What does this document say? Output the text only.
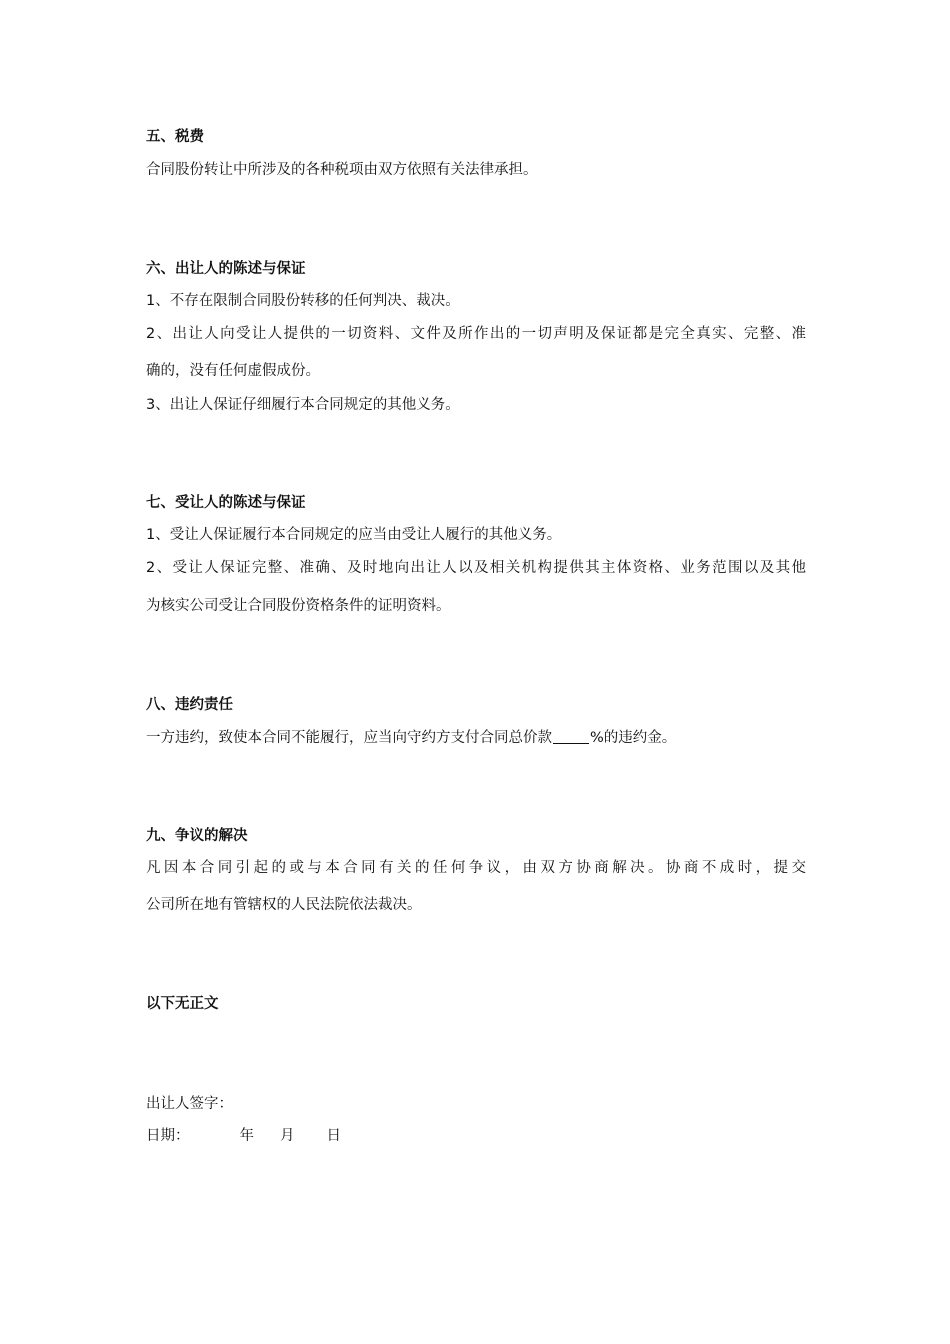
五、税费

合同股份转让中所涉及的各种税项由双方依照有关法律承担。

六、出让人的陈述与保证

1、不存在限制合同股份转移的任何判决、裁决。

2、出让人向受让人提供的一切资料、文件及所作出的一切声明及保证都是完全真实、完整、准

确的，没有任何虚假成份。

3、出让人保证仔细履行本合同规定的其他义务。

七、受让人的陈述与保证

1、受让人保证履行本合同规定的应当由受让人履行的其他义务。

2、受让人保证完整、准确、及时地向出让人以及相关机构提供其主体资格、业务范围以及其他

为核实公司受让合同股份资格条件的证明资料。

八、违约责任

一方违约，致使本合同不能履行，应当向守约方支付合同总价款	%的违约金。

九、争议的解决

凡因本合同引起的或与本合同有关的任何争议，由双方协商解决。协商不成时，提交

公司所在地有管辖权的人民法院依法裁决。

以下无正文

出让人签字：

日期：	年 月 日
